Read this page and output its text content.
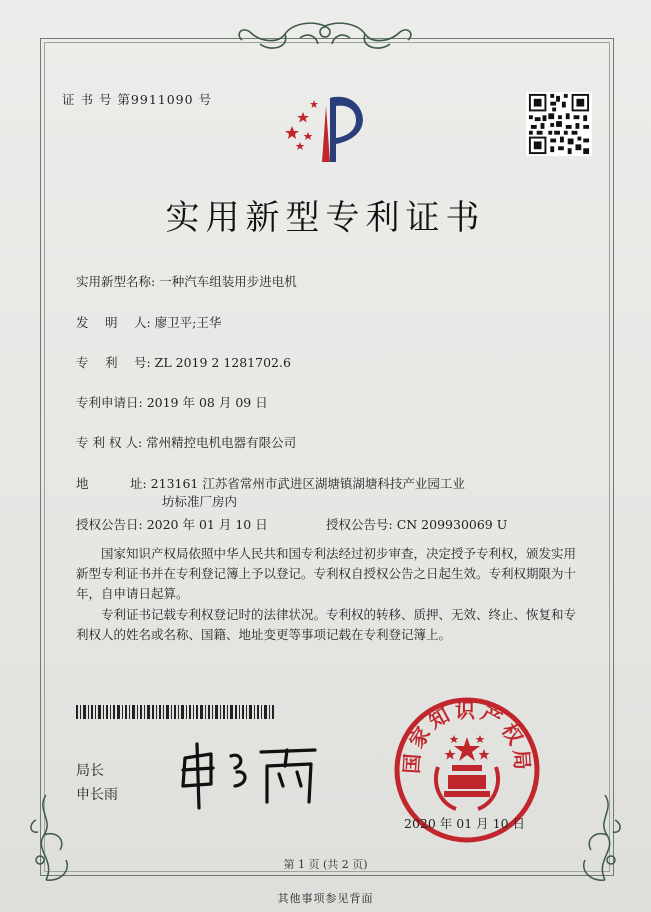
证 书 号 第9911090 号
实用新型专利证书
实用新型名称: 一种汽车组装用步进电机
发　 明　 人: 廖卫平;王华
专　 利　 号: ZL 2019 2 1281702.6
专利申请日: 2019 年 08 月 09 日
专 利 权 人: 常州精控电机电器有限公司
地　　　 址: 213161 江苏省常州市武进区湖塘镇湖塘科技产业园工业
坊标准厂房内
授权公告日: 2020 年 01 月 10 日	授权公告号: CN 209930069 U
国家知识产权局依照中华人民共和国专利法经过初步审查，决定授予专利权，颁发实用新型专利证书并在专利登记簿上予以登记。专利权自授权公告之日起生效。专利权期限为十年，自申请日起算。
专利证书记载专利权登记时的法律状况。专利权的转移、质押、无效、终止、恢复和专利权人的姓名或名称、国籍、地址变更等事项记载在专利登记簿上。
局长
申长雨
国家知识产权局
2020 年 01 月 10 日
第 1 页 (共 2 页)
其他事项参见背面
